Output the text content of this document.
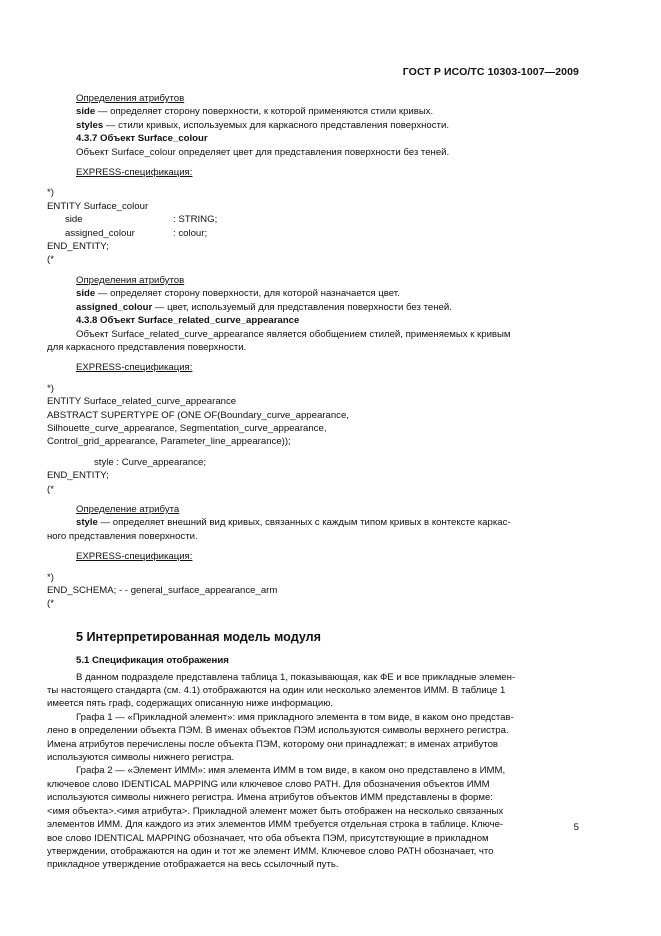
ГОСТ Р ИСО/ТС 10303-1007—2009
Определения атрибутов
side — определяет сторону поверхности, к которой применяются стили кривых.
styles — стили кривых, используемых для каркасного представления поверхности.
4.3.7 Объект Surface_colour
Объект Surface_colour определяет цвет для представления поверхности без теней.
EXPRESS-спецификация:
*)
ENTITY Surface_colour
side	: STRING;
assigned_colour	: colour;
END_ENTITY;
(*
Определения атрибутов
side — определяет сторону поверхности, для которой назначается цвет.
assigned_colour — цвет, используемый для представления поверхности без теней.
4.3.8 Объект Surface_related_curve_appearance
Объект Surface_related_curve_appearance является обобщением стилей, применяемых к кривым
для каркасного представления поверхности.
EXPRESS-спецификация:
*)
ENTITY Surface_related_curve_appearance
ABSTRACT SUPERTYPE OF (ONE OF(Boundary_curve_appearance,
Silhouette_curve_appearance, Segmentation_curve_appearance,
Control_grid_appearance, Parameter_line_appearance));
style : Curve_appearance;
END_ENTITY;
(*
Определение атрибута
style — определяет внешний вид кривых, связанных с каждым типом кривых в контексте каркас-
ного представления поверхности.
EXPRESS-спецификация:
*)
END_SCHEMA; - - general_surface_appearance_arm
(*
5 Интерпретированная модель модуля
5.1 Спецификация отображения
В данном подразделе представлена таблица 1, показывающая, как ФЕ и все прикладные элемен-
ты настоящего стандарта (см. 4.1) отображаются на один или несколько элементов ИММ. В таблице 1
имеется пять граф, содержащих описанную ниже информацию.
Графа 1 — «Прикладной элемент»: имя прикладного элемента в том виде, в каком оно представ-
лено в определении объекта ПЭМ. В именах объектов ПЭМ используются символы верхнего регистра.
Имена атрибутов перечислены после объекта ПЭМ, которому они принадлежат; в именах атрибутов
используются символы нижнего регистра.
Графа 2 — «Элемент ИММ»: имя элемента ИММ в том виде, в каком оно представлено в ИММ,
ключевое слово IDENTICAL MAPPING или ключевое слово PATH. Для обозначения объектов ИММ
используются символы нижнего регистра. Имена атрибутов объектов ИММ представлены в форме:
<имя объекта>.<имя атрибута>. Прикладной элемент может быть отображен на несколько связанных
элементов ИММ. Для каждого из этих элементов ИММ требуется отдельная строка в таблице. Ключе-
вое слово IDENTICAL MAPPING обозначает, что оба объекта ПЭМ, присутствующие в прикладном
утверждении, отображаются на один и тот же элемент ИММ. Ключевое слово PATH обозначает, что
прикладное утверждение отображается на весь ссылочный путь.
5
